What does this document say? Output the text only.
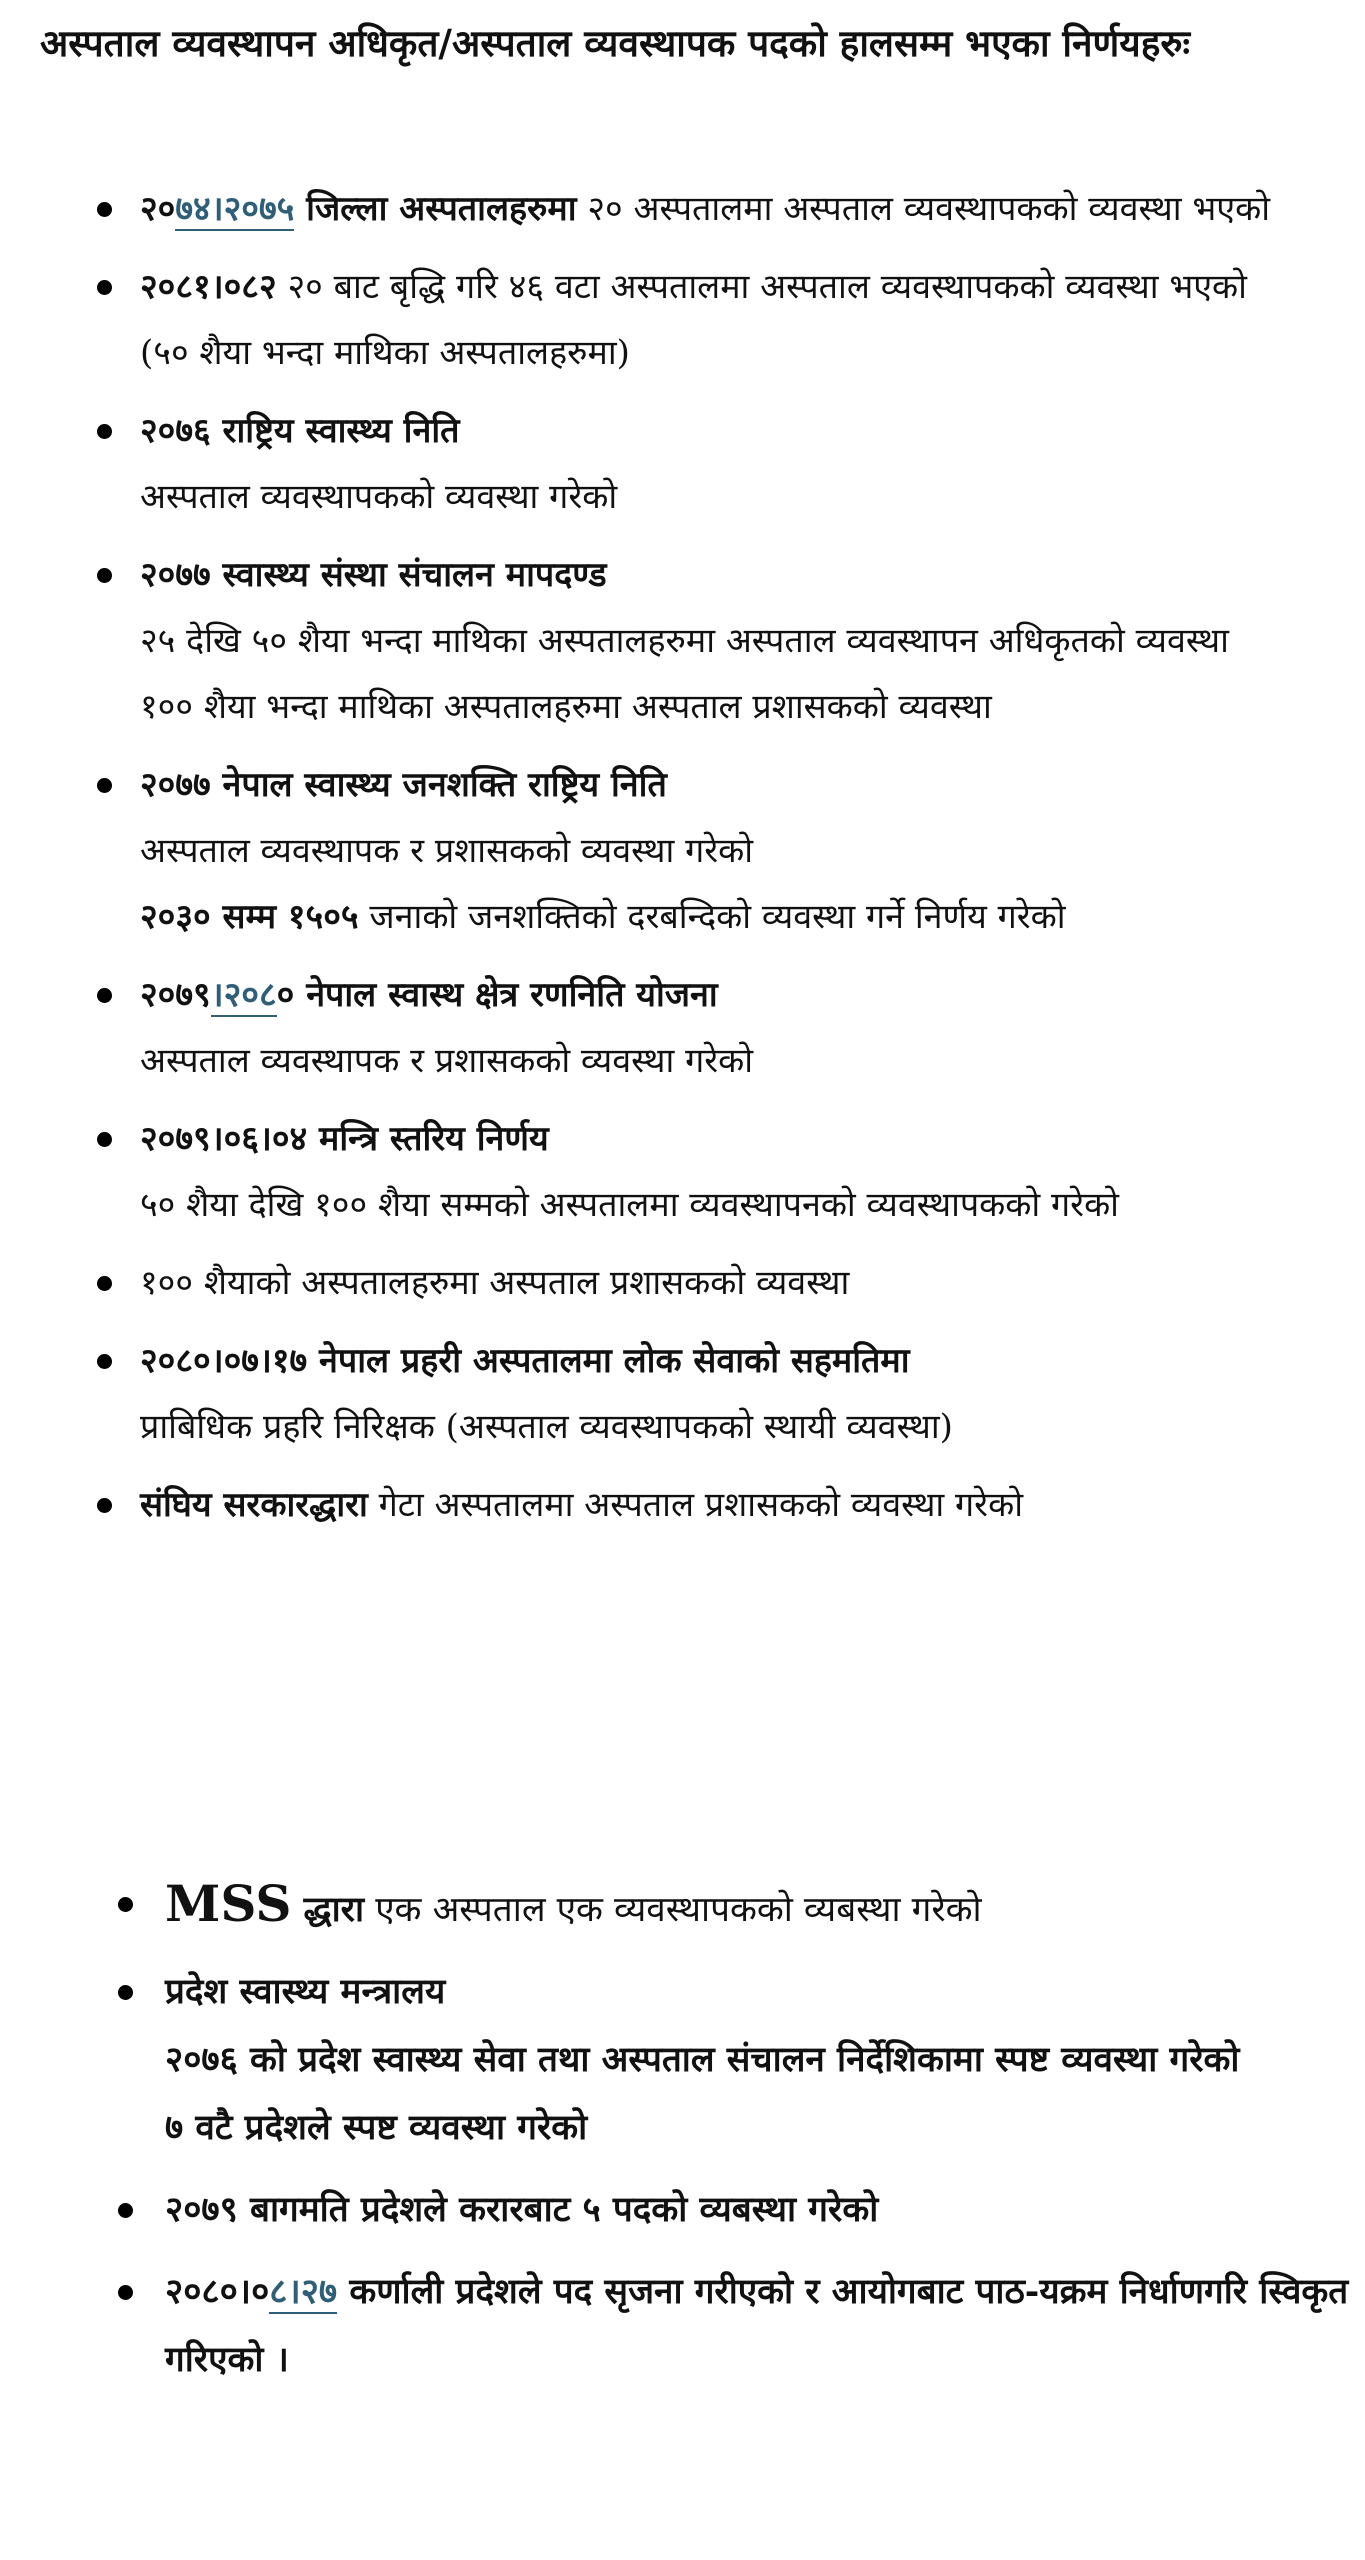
अस्पताल व्यवस्थापन अधिकृत/अस्पताल व्यवस्थापक पदको हालसम्म भएका निर्णयहरुः

२०७४।२०७५ जिल्ला अस्पतालहरुमा २० अस्पतालमा अस्पताल व्यवस्थापकको व्यवस्था भएको
२०८१।०८२ २० बाट बृद्धि गरि ४६ वटा अस्पतालमा अस्पताल व्यवस्थापकको व्यवस्था भएको (५० शैया भन्दा माथिका अस्पतालहरुमा)
२०७६ राष्ट्रिय स्वास्थ्य निति
अस्पताल व्यवस्थापकको व्यवस्था गरेको
२०७७ स्वास्थ्य संस्था संचालन मापदण्ड
२५ देखि ५० शैया भन्दा माथिका अस्पतालहरुमा अस्पताल व्यवस्थापन अधिकृतको व्यवस्था
१०० शैया भन्दा माथिका अस्पतालहरुमा अस्पताल प्रशासकको व्यवस्था
२०७७ नेपाल स्वास्थ्य जनशक्ति राष्ट्रिय निति
अस्पताल व्यवस्थापक र प्रशासकको व्यवस्था गरेको
२०३० सम्म १५०५ जनाको जनशक्तिको दरबन्दिको व्यवस्था गर्ने निर्णय गरेको
२०७९।२०८० नेपाल स्वास्थ क्षेत्र रणनिति योजना
अस्पताल व्यवस्थापक र प्रशासकको व्यवस्था गरेको
२०७९।०६।०४ मन्त्रि स्तरिय निर्णय
५० शैया देखि १०० शैया सम्मको अस्पतालमा व्यवस्थापनको व्यवस्थापकको गरेको
१०० शैयाको अस्पतालहरुमा अस्पताल प्रशासकको व्यवस्था
२०८०।०७।१७ नेपाल प्रहरी अस्पतालमा लोक सेवाको सहमतिमा
प्राबिधिक प्रहरि निरिक्षक (अस्पताल व्यवस्थापकको स्थायी व्यवस्था)
संघिय सरकारद्धारा गेटा अस्पतालमा अस्पताल प्रशासकको व्यवस्था गरेको
MSS द्धारा एक अस्पताल एक व्यवस्थापकको व्यबस्था गरेको
प्रदेश स्वास्थ्य मन्त्रालय
२०७६ को प्रदेश स्वास्थ्य सेवा तथा अस्पताल संचालन निर्देशिकामा स्पष्ट व्यवस्था गरेको
७ वटै प्रदेशले स्पष्ट व्यवस्था गरेको
२०७९ बागमति प्रदेशले करारबाट ५ पदको व्यबस्था गरेको
२०८०।०८।२७ कर्णाली प्रदेशले पद सृजना गरीएको र आयोगबाट पाठ-यक्रम निर्धाणगरि स्विकृत गरिएको ।
